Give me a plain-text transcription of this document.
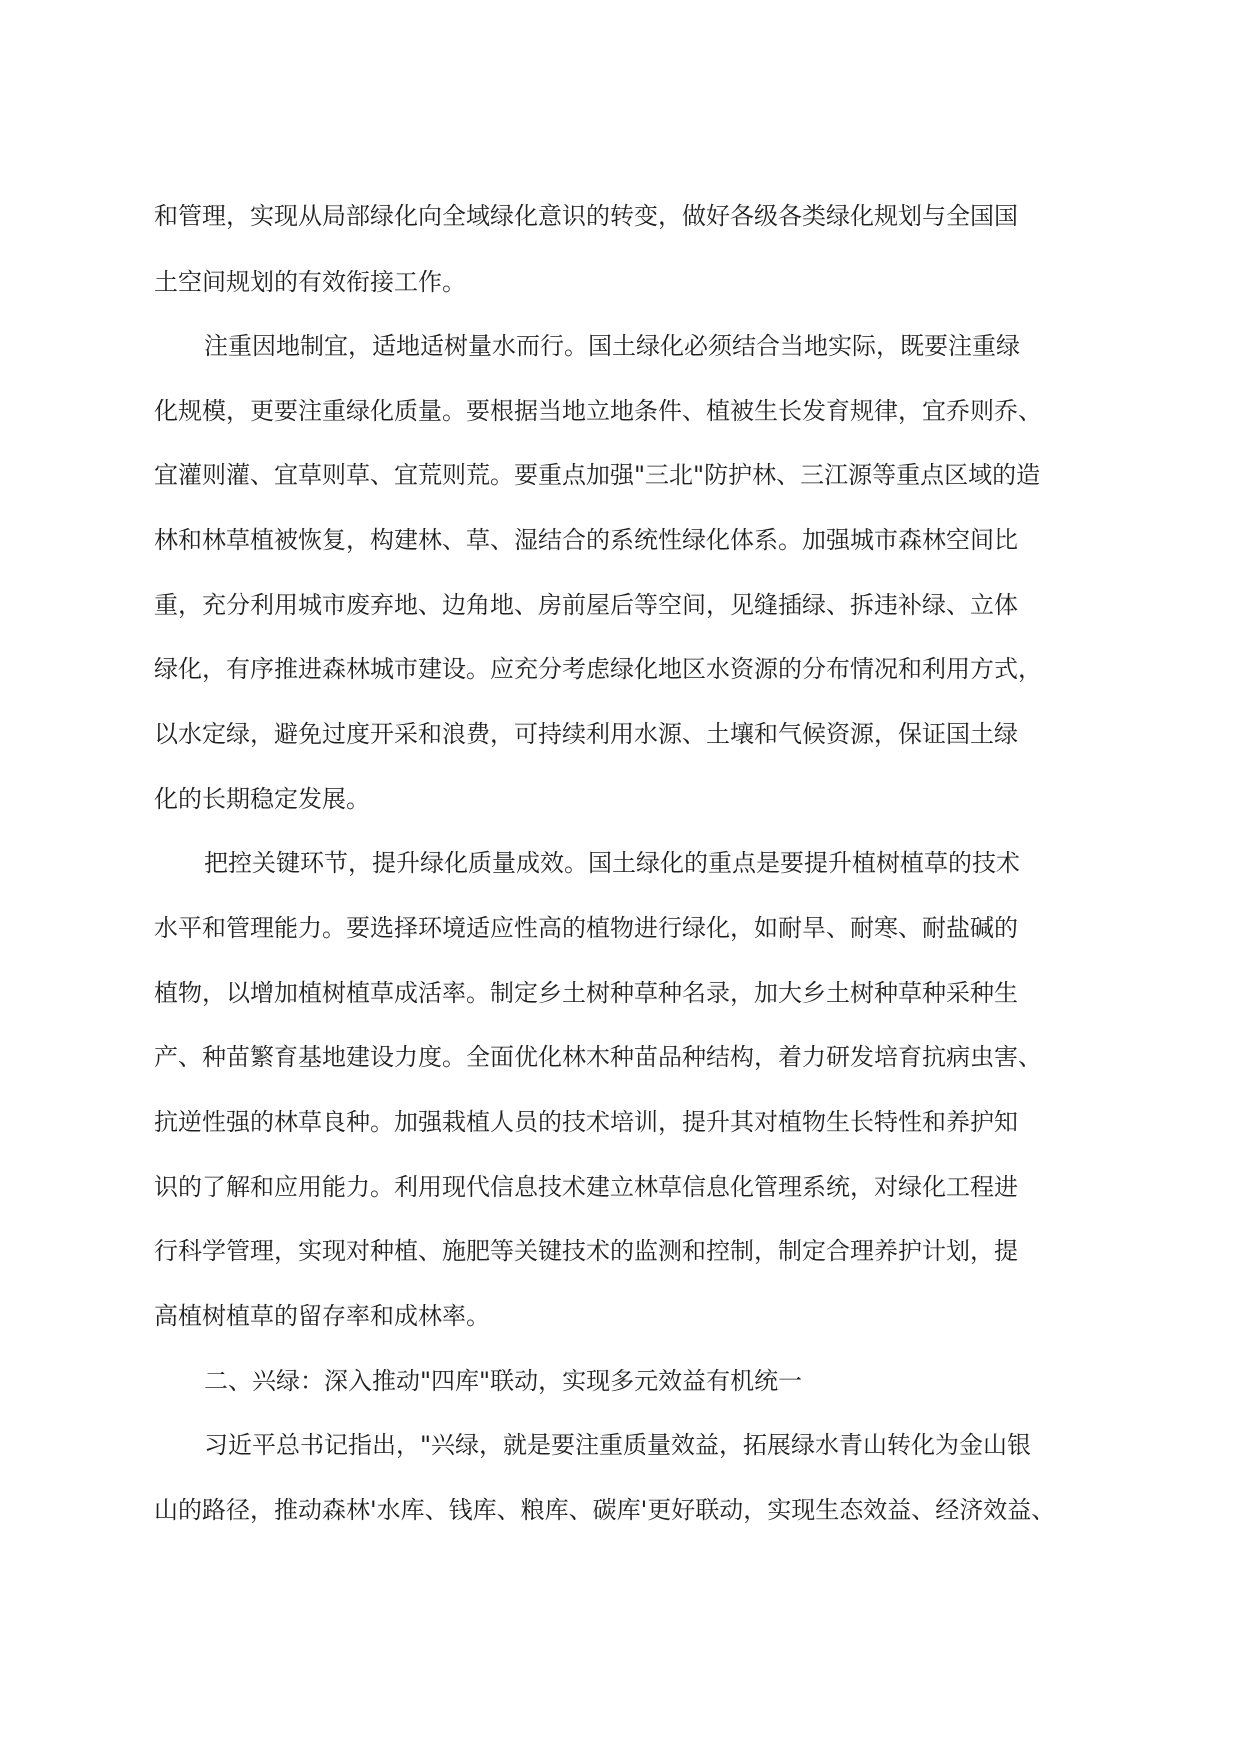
和管理，实现从局部绿化向全域绿化意识的转变，做好各级各类绿化规划与全国国
土空间规划的有效衔接工作。
注重因地制宜，适地适树量水而行。国土绿化必须结合当地实际，既要注重绿
化规模，更要注重绿化质量。要根据当地立地条件、植被生长发育规律，宜乔则乔、
宜灌则灌、宜草则草、宜荒则荒。要重点加强"三北"防护林、三江源等重点区域的造
林和林草植被恢复，构建林、草、湿结合的系统性绿化体系。加强城市森林空间比
重，充分利用城市废弃地、边角地、房前屋后等空间，见缝插绿、拆违补绿、立体
绿化，有序推进森林城市建设。应充分考虑绿化地区水资源的分布情况和利用方式，
以水定绿，避免过度开采和浪费，可持续利用水源、土壤和气候资源，保证国土绿
化的长期稳定发展。
把控关键环节，提升绿化质量成效。国土绿化的重点是要提升植树植草的技术
水平和管理能力。要选择环境适应性高的植物进行绿化，如耐旱、耐寒、耐盐碱的
植物，以增加植树植草成活率。制定乡土树种草种名录，加大乡土树种草种采种生
产、种苗繁育基地建设力度。全面优化林木种苗品种结构，着力研发培育抗病虫害、
抗逆性强的林草良种。加强栽植人员的技术培训，提升其对植物生长特性和养护知
识的了解和应用能力。利用现代信息技术建立林草信息化管理系统，对绿化工程进
行科学管理，实现对种植、施肥等关键技术的监测和控制，制定合理养护计划，提
高植树植草的留存率和成林率。
二、兴绿：深入推动"四库"联动，实现多元效益有机统一
习近平总书记指出，"兴绿，就是要注重质量效益，拓展绿水青山转化为金山银
山的路径，推动森林'水库、钱库、粮库、碳库'更好联动，实现生态效益、经济效益、
